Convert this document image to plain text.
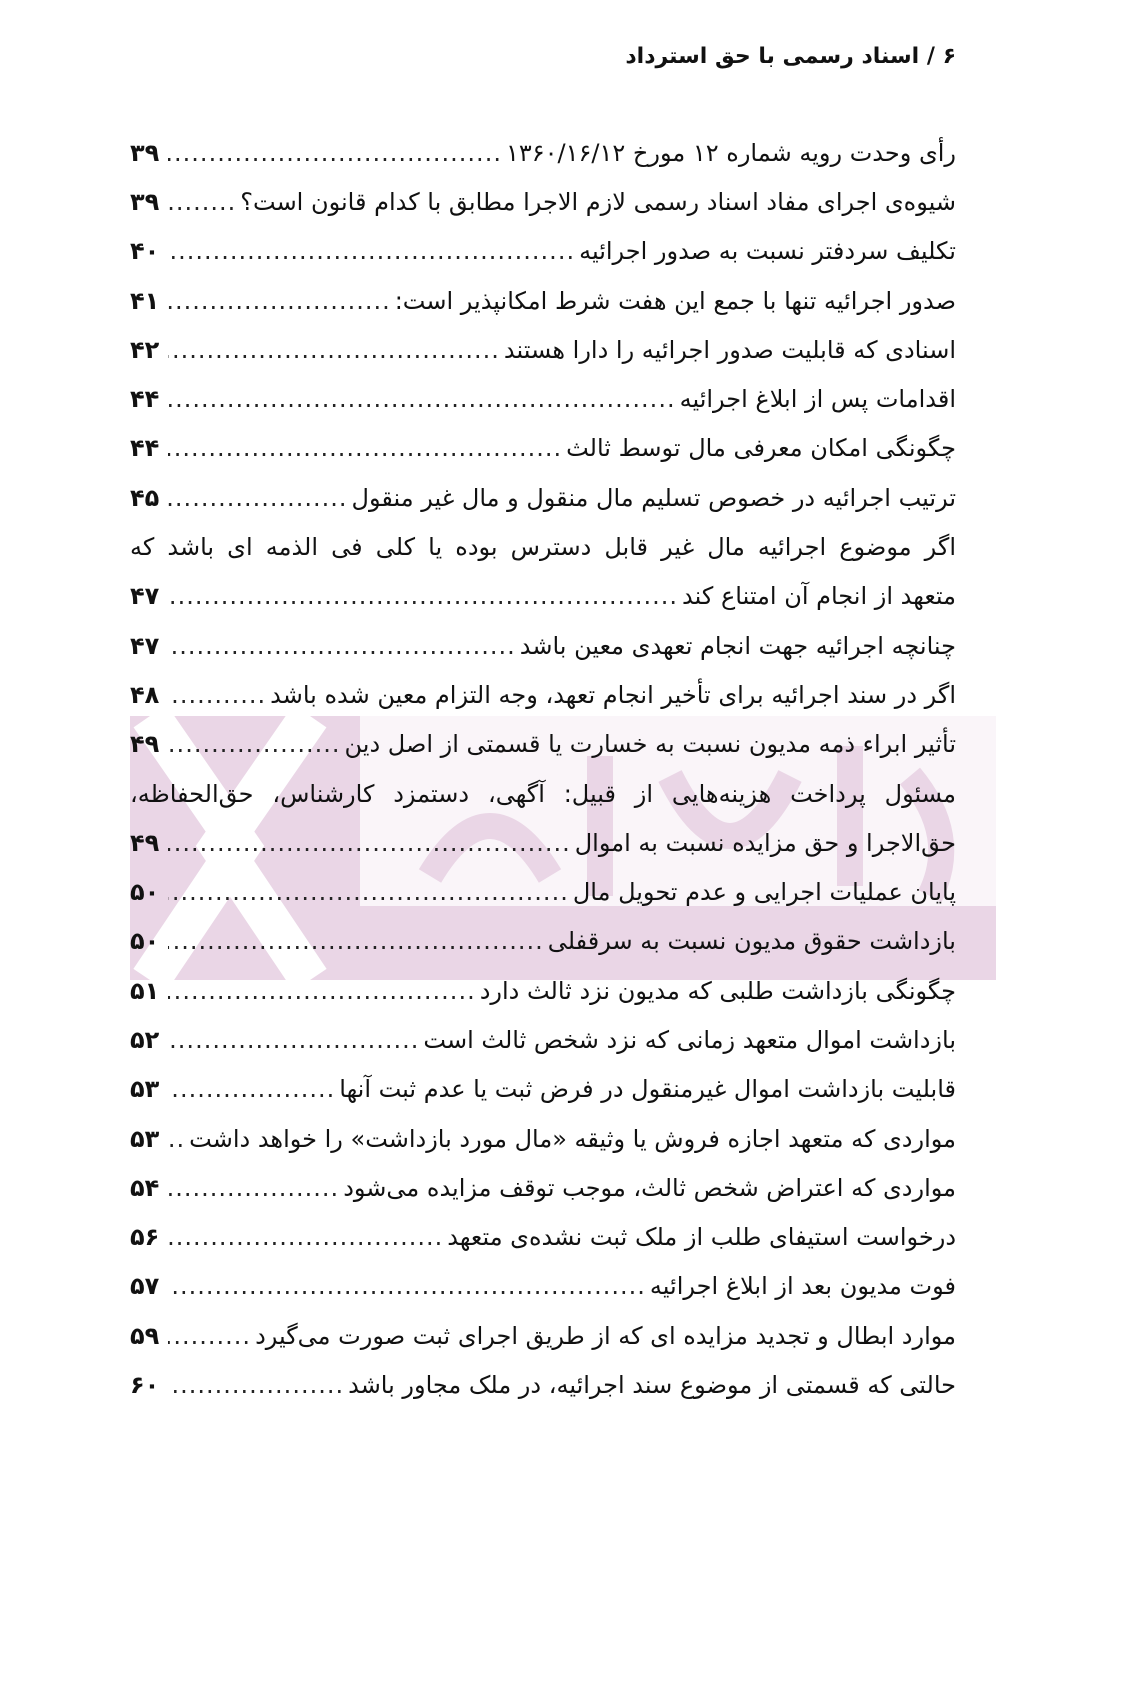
۶ / اسناد رسمی با حق استرداد
رأی وحدت رویه شماره ۱۲ مورخ ۱۳۶۰/۱۶/۱۲
.....
۳۹
شیوه‌ی اجرای مفاد اسناد رسمی لازم الاجرا مطابق با کدام قانون است؟
.....
۳۹
تکلیف سردفتر نسبت به صدور اجرائیه
.....
۴۰
صدور اجرائیه تنها با جمع این هفت شرط امکانپذیر است:
.....
۴۱
اسنادی که قابلیت صدور اجرائیه را دارا هستند
.....
۴۲
اقدامات پس از ابلاغ اجرائیه
.....
۴۴
چگونگی امکان معرفی مال توسط ثالث
.....
۴۴
ترتیب اجرائیه در خصوص تسلیم مال منقول و مال غیر منقول
.....
۴۵
اگر موضوع اجرائیه مال غیر قابل دسترس بوده یا کلی فی الذمه ای باشد که
متعهد از انجام آن امتناع کند
.....
۴۷
چنانچه اجرائیه جهت انجام تعهدی معین باشد
.....
۴۷
اگر در سند اجرائیه برای تأخیر انجام تعهد، وجه التزام معین شده باشد
.....
۴۸
تأثیر ابراء ذمه مدیون نسبت به خسارت یا قسمتی از اصل دین
.....
۴۹
مسئول پرداخت هزینه‌هایی از قبیل: آگهی، دستمزد کارشناس، حق‌الحفاظه،
حق‌الاجرا و حق مزایده نسبت به اموال
.....
۴۹
پایان عملیات اجرایی و عدم تحویل مال
.....
۵۰
بازداشت حقوق مدیون نسبت به سرقفلی
.....
۵۰
چگونگی بازداشت طلبی که مدیون نزد ثالث دارد
.....
۵۱
بازداشت اموال متعهد زمانی که نزد شخص ثالث است
.....
۵۲
قابلیت بازداشت اموال غیرمنقول در فرض ثبت یا عدم ثبت آنها
.....
۵۳
مواردی که متعهد اجازه فروش یا وثیقه «مال مورد بازداشت» را خواهد داشت
.....
۵۳
مواردی که اعتراض شخص ثالث، موجب توقف مزایده می‌شود
.....
۵۴
درخواست استیفای طلب از ملک ثبت نشده‌ی متعهد
.....
۵۶
فوت مدیون بعد از ابلاغ اجرائیه
.....
۵۷
موارد ابطال و تجدید مزایده ای که از طریق اجرای ثبت صورت می‌گیرد
.....
۵۹
حالتی که قسمتی از موضوع سند اجرائیه، در ملک مجاور باشد
.....
۶۰
